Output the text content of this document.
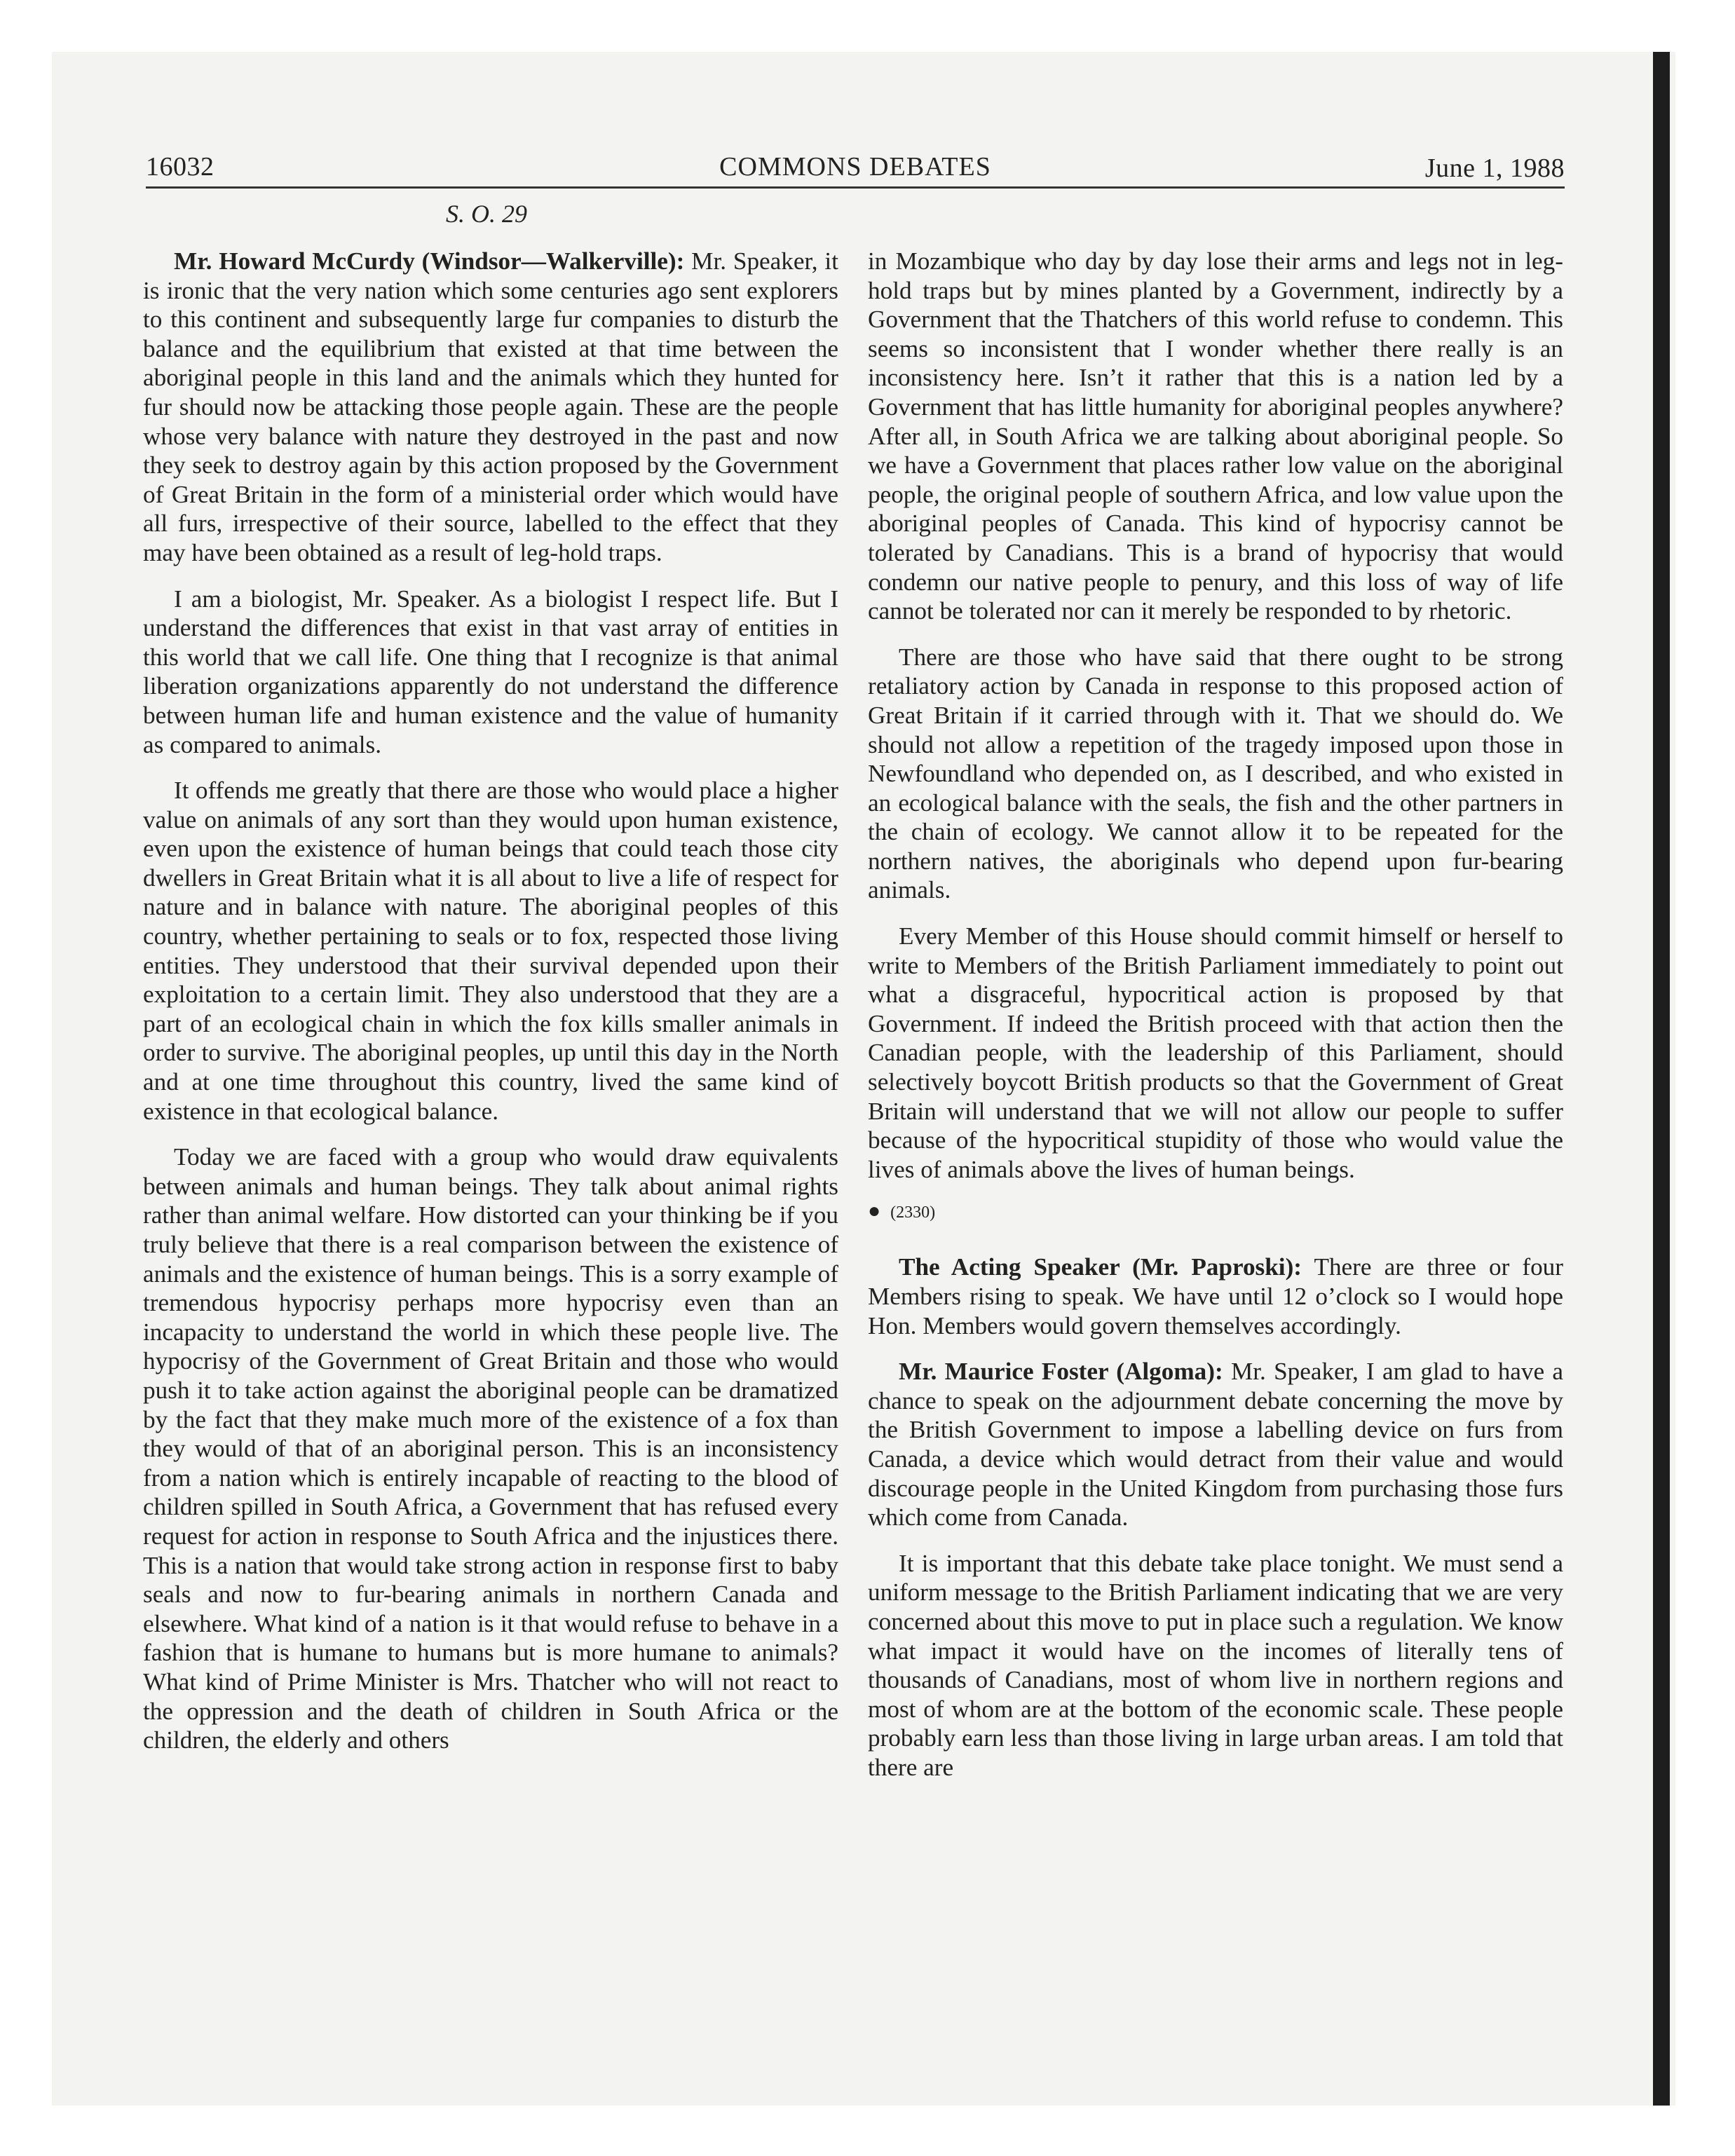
16032	COMMONS DEBATES	June 1, 1988
S. O. 29

Mr. Howard McCurdy (Windsor—Walkerville): Mr. Speaker, it is ironic that the very nation which some centuries ago sent explorers to this continent and subsequently large fur companies to disturb the balance and the equilibrium that existed at that time between the aboriginal people in this land and the animals which they hunted for fur should now be attacking those people again. These are the people whose very balance with nature they destroyed in the past and now they seek to destroy again by this action proposed by the Government of Great Britain in the form of a ministerial order which would have all furs, irrespective of their source, labelled to the effect that they may have been obtained as a result of leg-hold traps.

I am a biologist, Mr. Speaker. As a biologist I respect life. But I understand the differences that exist in that vast array of entities in this world that we call life. One thing that I recognize is that animal liberation organizations apparently do not understand the difference between human life and human existence and the value of humanity as compared to animals.

It offends me greatly that there are those who would place a higher value on animals of any sort than they would upon human existence, even upon the existence of human beings that could teach those city dwellers in Great Britain what it is all about to live a life of respect for nature and in balance with nature. The aboriginal peoples of this country, whether pertaining to seals or to fox, respected those living entities. They understood that their survival depended upon their exploitation to a certain limit. They also understood that they are a part of an ecological chain in which the fox kills smaller animals in order to survive. The aboriginal peoples, up until this day in the North and at one time throughout this country, lived the same kind of existence in that ecological balance.

Today we are faced with a group who would draw equivalents between animals and human beings. They talk about animal rights rather than animal welfare. How distorted can your thinking be if you truly believe that there is a real comparison between the existence of animals and the existence of human beings. This is a sorry example of tremendous hypocrisy perhaps more hypocrisy even than an incapacity to understand the world in which these people live. The hypocrisy of the Government of Great Britain and those who would push it to take action against the aboriginal people can be dramatized by the fact that they make much more of the existence of a fox than they would of that of an aboriginal person. This is an inconsistency from a nation which is entirely incapable of reacting to the blood of children spilled in South Africa, a Government that has refused every request for action in response to South Africa and the injustices there. This is a nation that would take strong action in response first to baby seals and now to fur-bearing animals in northern Canada and elsewhere. What kind of a nation is it that would refuse to behave in a fashion that is humane to humans but is more humane to animals? What kind of Prime Minister is Mrs. Thatcher who will not react to the oppression and the death of children in South Africa or the children, the elderly and others

in Mozambique who day by day lose their arms and legs not in leg-hold traps but by mines planted by a Government, indirectly by a Government that the Thatchers of this world refuse to condemn. This seems so inconsistent that I wonder whether there really is an inconsistency here. Isn’t it rather that this is a nation led by a Government that has little humanity for aboriginal peoples anywhere? After all, in South Africa we are talking about aboriginal people. So we have a Government that places rather low value on the aboriginal people, the original people of southern Africa, and low value upon the aboriginal peoples of Canada. This kind of hypocrisy cannot be tolerated by Canadians. This is a brand of hypocrisy that would condemn our native people to penury, and this loss of way of life cannot be tolerated nor can it merely be responded to by rhetoric.

There are those who have said that there ought to be strong retaliatory action by Canada in response to this proposed action of Great Britain if it carried through with it. That we should do. We should not allow a repetition of the tragedy imposed upon those in Newfoundland who depended on, as I described, and who existed in an ecological balance with the seals, the fish and the other partners in the chain of ecology. We cannot allow it to be repeated for the northern natives, the aboriginals who depend upon fur-bearing animals.

Every Member of this House should commit himself or herself to write to Members of the British Parliament immediately to point out what a disgraceful, hypocritical action is proposed by that Government. If indeed the British proceed with that action then the Canadian people, with the leadership of this Parliament, should selectively boycott British products so that the Government of Great Britain will understand that we will not allow our people to suffer because of the hypocritical stupidity of those who would value the lives of animals above the lives of human beings.

● (2330)

The Acting Speaker (Mr. Paproski): There are three or four Members rising to speak. We have until 12 o’clock so I would hope Hon. Members would govern themselves accordingly.

Mr. Maurice Foster (Algoma): Mr. Speaker, I am glad to have a chance to speak on the adjournment debate concerning the move by the British Government to impose a labelling device on furs from Canada, a device which would detract from their value and would discourage people in the United Kingdom from purchasing those furs which come from Canada.

It is important that this debate take place tonight. We must send a uniform message to the British Parliament indicating that we are very concerned about this move to put in place such a regulation. We know what impact it would have on the incomes of literally tens of thousands of Canadians, most of whom live in northern regions and most of whom are at the bottom of the economic scale. These people probably earn less than those living in large urban areas. I am told that there are
